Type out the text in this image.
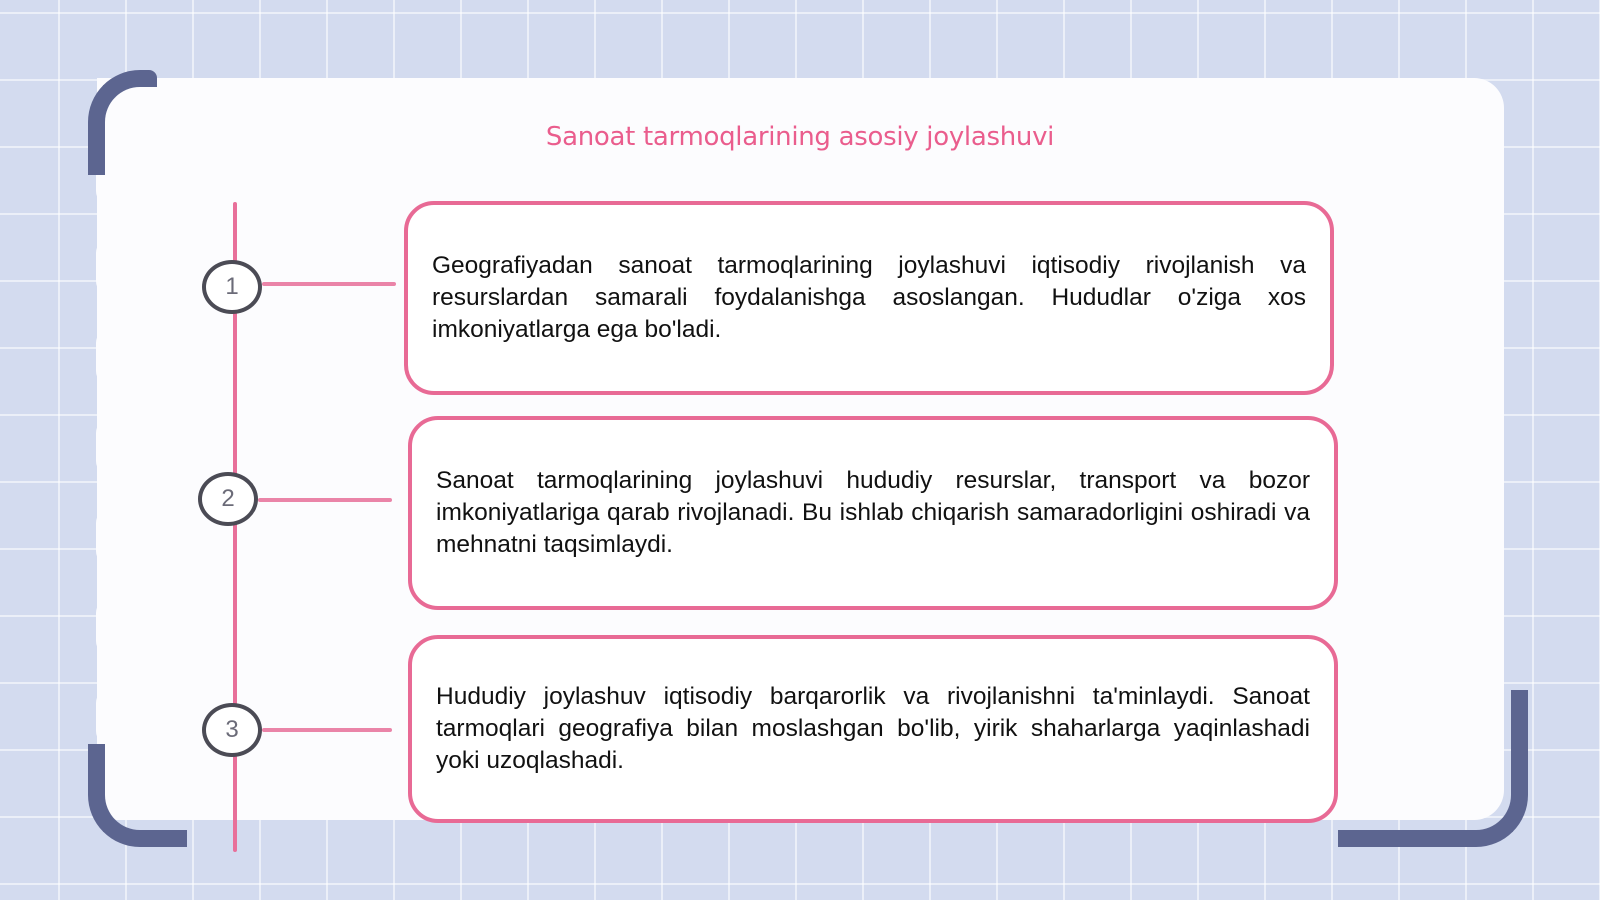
Sanoat tarmoqlarining asosiy joylashuvi
1
2
3
Geografiyadan sanoat tarmoqlarining joylashuvi iqtisodiy rivojlanish va resurslardan samarali foydalanishga asoslangan. Hududlar o'ziga xos imkoniyatlarga ega bo'ladi.
Sanoat tarmoqlarining joylashuvi hududiy resurslar, transport va bozor imkoniyatlariga qarab rivojlanadi. Bu ishlab chiqarish samaradorligini oshiradi va mehnatni taqsimlaydi.
Hududiy joylashuv iqtisodiy barqarorlik va rivojlanishni ta'minlaydi. Sanoat tarmoqlari geografiya bilan moslashgan bo'lib, yirik shaharlarga yaqinlashadi yoki uzoqlashadi.
